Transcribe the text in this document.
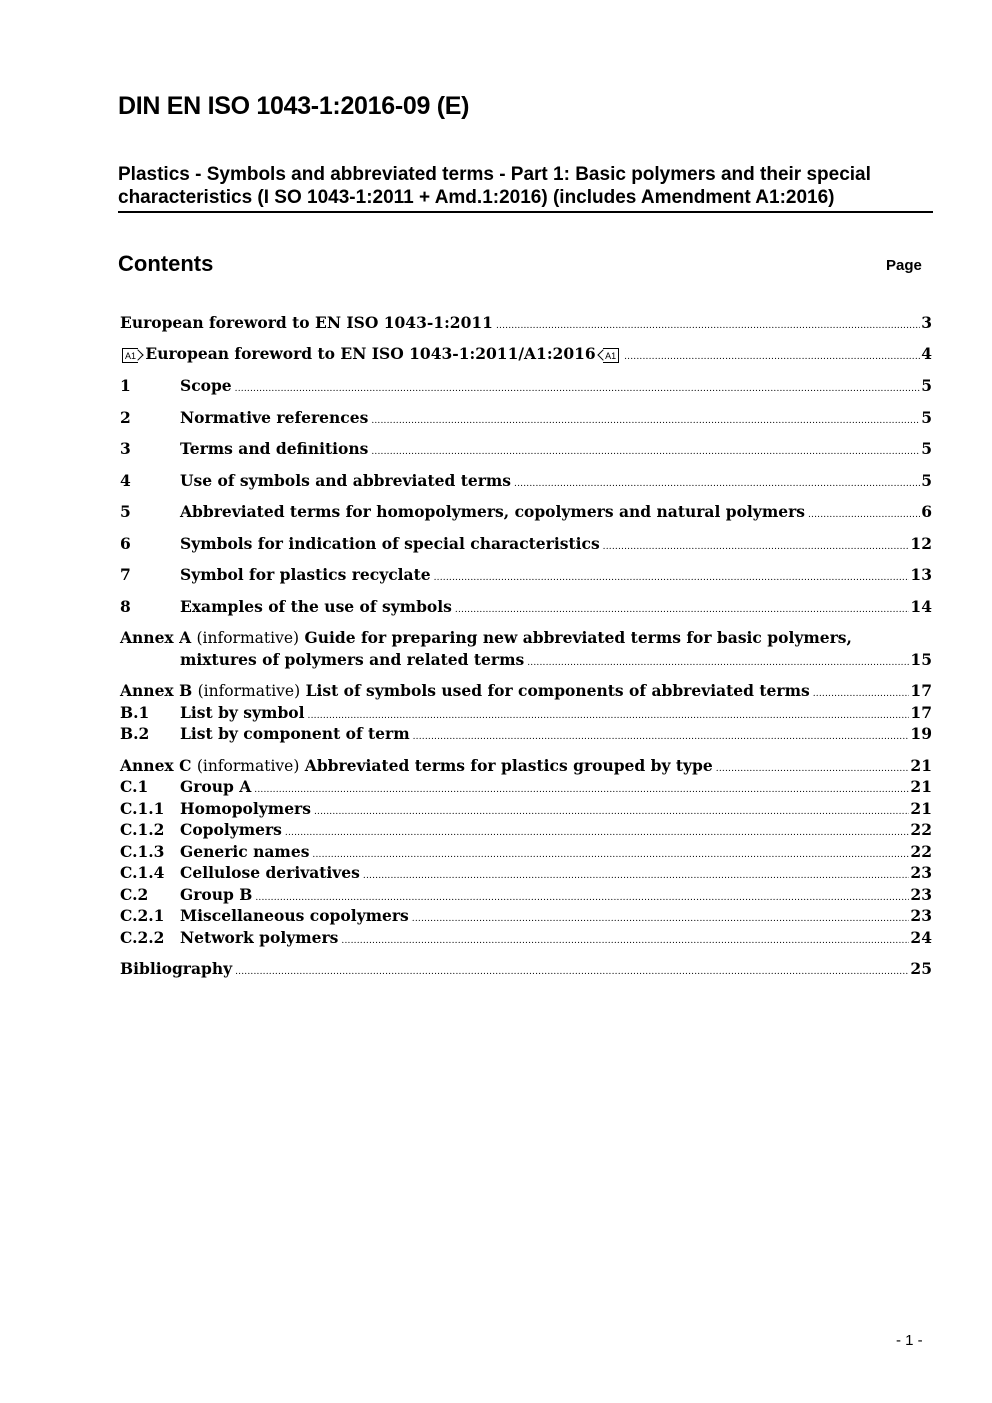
DIN EN ISO 1043-1:2016-09 (E)
Plastics - Symbols and abbreviated terms - Part 1: Basic polymers and their special
characteristics (I SO 1043-1:2011 + Amd.1:2016) (includes Amendment A1:2016)
Contents	Page
European foreword to EN ISO 1043-1:2011 .....	3
A1 European foreword to EN ISO 1043-1:2011/A1:2016 A1 .....	4
1	Scope .....	5
2	Normative references .....	5
3	Terms and definitions .....	5
4	Use of symbols and abbreviated terms .....	5
5	Abbreviated terms for homopolymers, copolymers and natural polymers .....	6
6	Symbols for indication of special characteristics .....	12
7	Symbol for plastics recyclate .....	13
8	Examples of the use of symbols .....	14
Annex A (informative) Guide for preparing new abbreviated terms for basic polymers,
mixtures of polymers and related terms .....	15
Annex B (informative) List of symbols used for components of abbreviated terms .....	17
B.1	List by symbol .....	17
B.2	List by component of term .....	19
Annex C (informative) Abbreviated terms for plastics grouped by type .....	21
C.1	Group A .....	21
C.1.1	Homopolymers .....	21
C.1.2	Copolymers .....	22
C.1.3	Generic names .....	22
C.1.4	Cellulose derivatives .....	23
C.2	Group B .....	23
C.2.1	Miscellaneous copolymers .....	23
C.2.2	Network polymers .....	24
Bibliography .....	25
- 1 -
